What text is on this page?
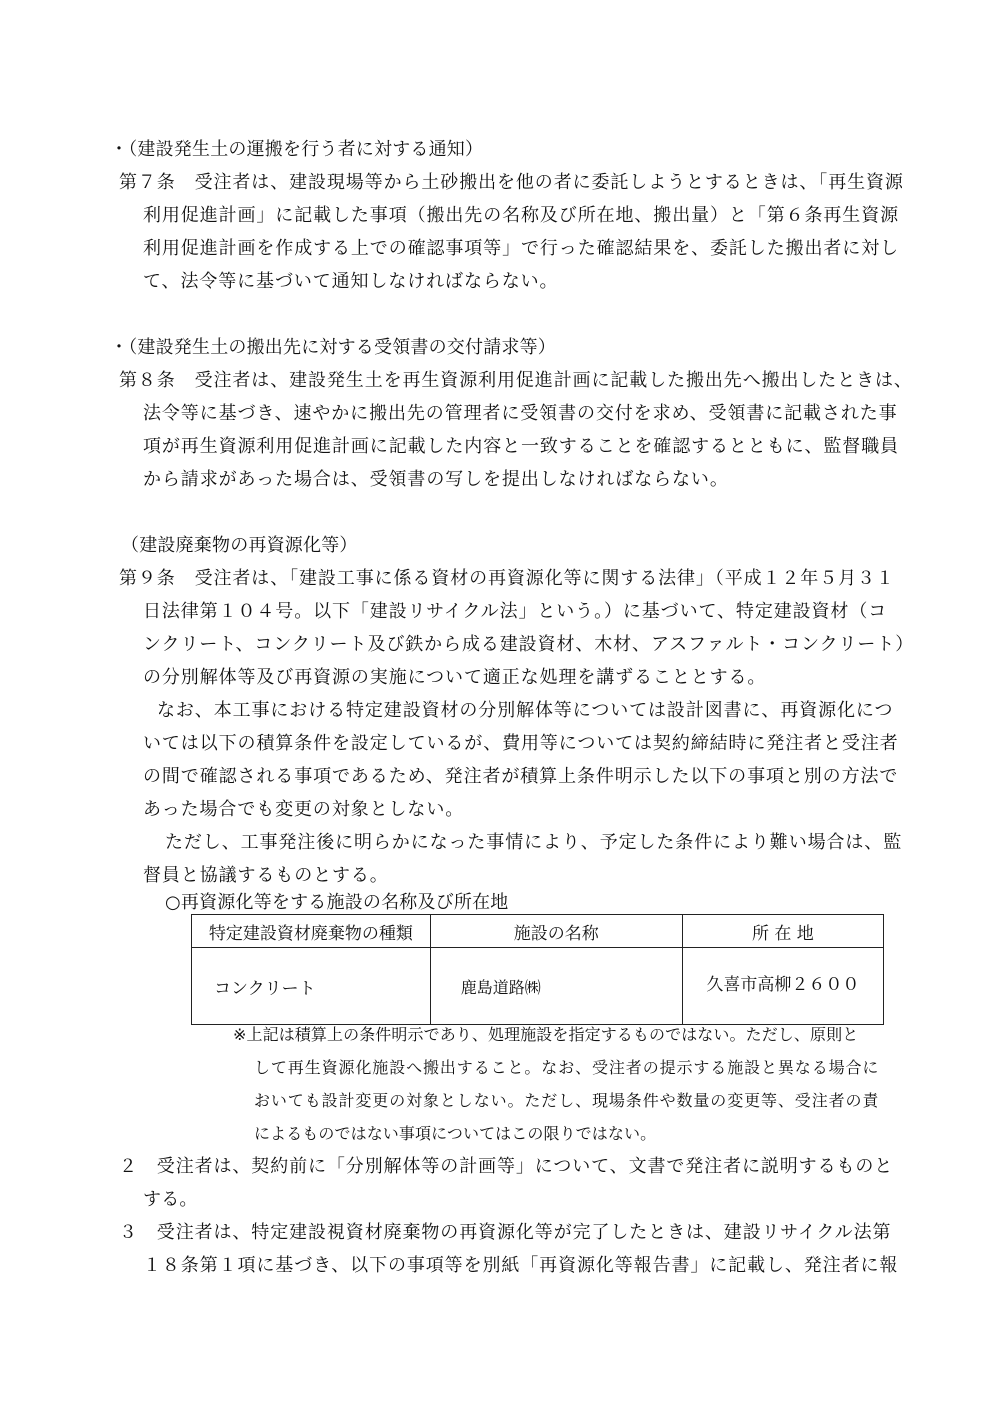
・（建設発生土の運搬を行う者に対する通知）
第７条　受注者は、建設現場等から土砂搬出を他の者に委託しようとするときは、「再生資源
利用促進計画」に記載した事項（搬出先の名称及び所在地、搬出量）と「第６条再生資源
利用促進計画を作成する上での確認事項等」で行った確認結果を、委託した搬出者に対し
て、法令等に基づいて通知しなければならない。
・（建設発生土の搬出先に対する受領書の交付請求等）
第８条　受注者は、建設発生土を再生資源利用促進計画に記載した搬出先へ搬出したときは、
法令等に基づき、速やかに搬出先の管理者に受領書の交付を求め、受領書に記載された事
項が再生資源利用促進計画に記載した内容と一致することを確認するとともに、監督職員
から請求があった場合は、受領書の写しを提出しなければならない。
（建設廃棄物の再資源化等）
第９条　受注者は、「建設工事に係る資材の再資源化等に関する法律」（平成１２年５月３１
日法律第１０４号。以下「建設リサイクル法」という。）に基づいて、特定建設資材（コ
ンクリート、コンクリート及び鉄から成る建設資材、木材、アスファルト・コンクリート）
の分別解体等及び再資源の実施について適正な処理を講ずることとする。
なお、本工事における特定建設資材の分別解体等については設計図書に、再資源化につ
いては以下の積算条件を設定しているが、費用等については契約締結時に発注者と受注者
の間で確認される事項であるため、発注者が積算上条件明示した以下の事項と別の方法で
あった場合でも変更の対象としない。
ただし、工事発注後に明らかになった事情により、予定した条件により難い場合は、監
督員と協議するものとする。
○再資源化等をする施設の名称及び所在地
特定建設資材廃棄物の種類	施設の名称	所 在 地
コンクリート	鹿島道路㈱	久喜市高柳２６００
※上記は積算上の条件明示であり、処理施設を指定するものではない。ただし、原則と
して再生資源化施設へ搬出すること。なお、受注者の提示する施設と異なる場合に
おいても設計変更の対象としない。ただし、現場条件や数量の変更等、受注者の責
によるものではない事項についてはこの限りではない。
２　受注者は、契約前に「分別解体等の計画等」について、文書で発注者に説明するものと
する。
３　受注者は、特定建設視資材廃棄物の再資源化等が完了したときは、建設リサイクル法第
１８条第１項に基づき、以下の事項等を別紙「再資源化等報告書」に記載し、発注者に報
